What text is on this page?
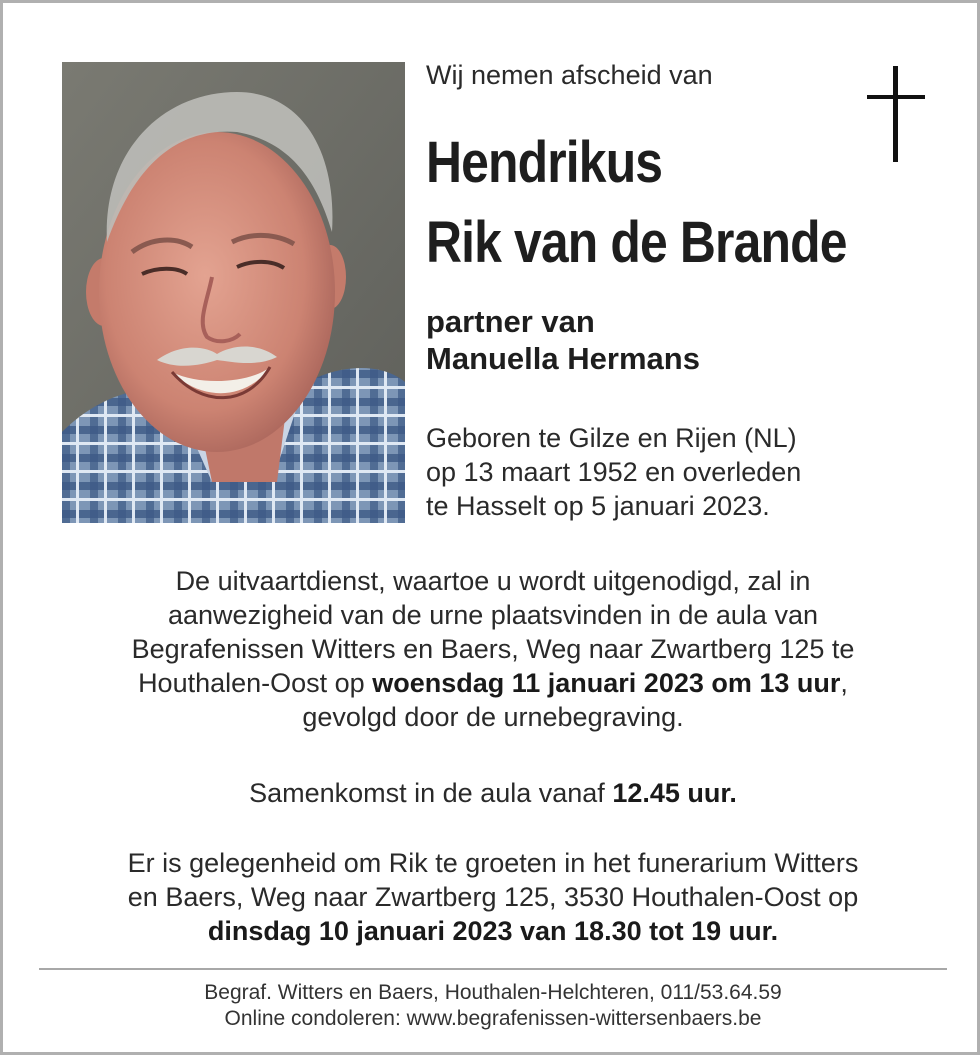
Wij nemen afscheid van
Hendrikus
Rik van de Brande
partner van
Manuella Hermans
Geboren te Gilze en Rijen (NL)
op 13 maart 1952 en overleden
te Hasselt op 5 januari 2023.
De uitvaartdienst, waartoe u wordt uitgenodigd, zal in
aanwezigheid van de urne plaatsvinden in de aula van
Begrafenissen Witters en Baers, Weg naar Zwartberg 125 te
Houthalen-Oost op woensdag 11 januari 2023 om 13 uur,
gevolgd door de urnebegraving.
Samenkomst in de aula vanaf 12.45 uur.
Er is gelegenheid om Rik te groeten in het funerarium Witters
en Baers, Weg naar Zwartberg 125, 3530 Houthalen-Oost op
dinsdag 10 januari 2023 van 18.30 tot 19 uur.
Begraf. Witters en Baers, Houthalen-Helchteren, 011/53.64.59
Online condoleren: www.begrafenissen-wittersenbaers.be
